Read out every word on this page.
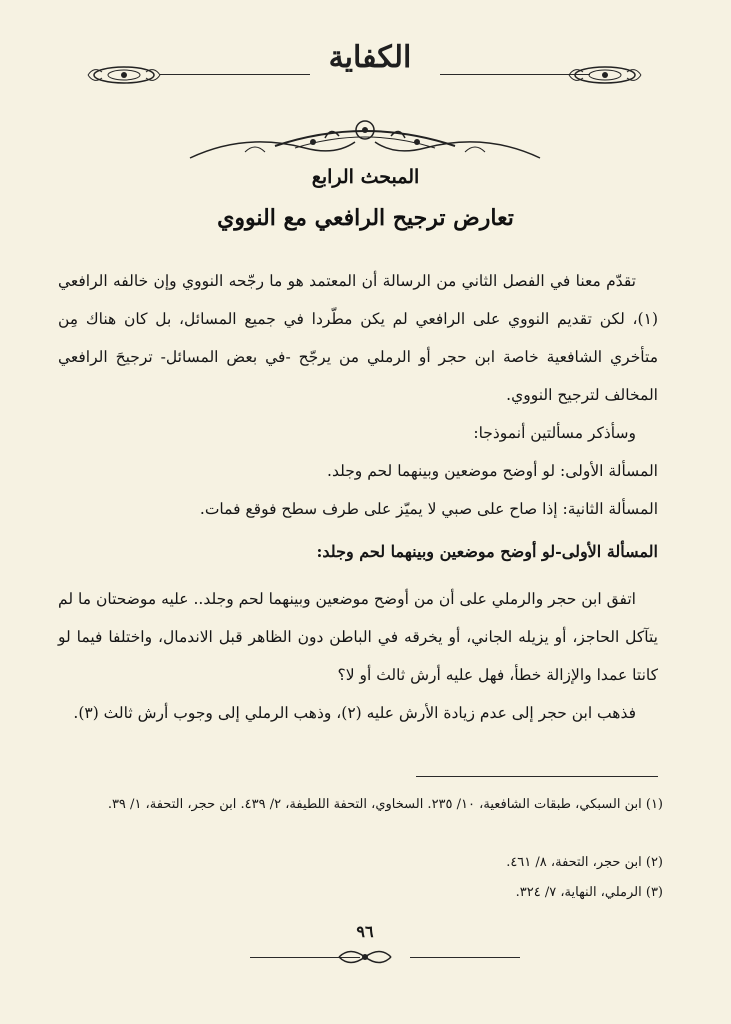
الكفاية
المبحث الرابع
تعارض ترجيح الرافعي مع النووي
تقدّم معنا في الفصل الثاني من الرسالة أن المعتمد هو ما رجّحه النووي وإن خالفه الرافعي (١)، لكن تقديم النووي على الرافعي لم يكن مطّردا في جميع المسائل، بل كان هناك مِن متأخري الشافعية خاصة ابن حجر أو الرملي من يرجّح -في بعض المسائل- ترجيحَ الرافعي المخالف لترجيح النووي.
وسأذكر مسألتين أنموذجا:
المسألة الأولى: لو أوضح موضعين وبينهما لحم وجلد.
المسألة الثانية: إذا صاح على صبي لا يميّز على طرف سطح فوقع فمات.
المسألة الأولى-لو أوضح موضعين وبينهما لحم وجلد:
اتفق ابن حجر والرملي على أن من أوضح موضعين وبينهما لحم وجلد.. عليه موضحتان ما لم يتآكل الحاجز، أو يزيله الجاني، أو يخرقه في الباطن دون الظاهر قبل الاندمال، واختلفا فيما لو كانتا عمدا والإزالة خطأ، فهل عليه أرش ثالث أو لا؟
فذهب ابن حجر إلى عدم زيادة الأرش عليه (٢)، وذهب الرملي إلى وجوب أرش ثالث (٣).
(١) ابن السبكي، طبقات الشافعية، ١٠/ ٢٣٥. السخاوي، التحفة اللطيفة، ٢/ ٤٣٩. ابن حجر، التحفة، ١/ ٣٩.
(٢) ابن حجر، التحفة، ٨/ ٤٦١.
(٣) الرملي، النهاية، ٧/ ٣٢٤.
٩٦
